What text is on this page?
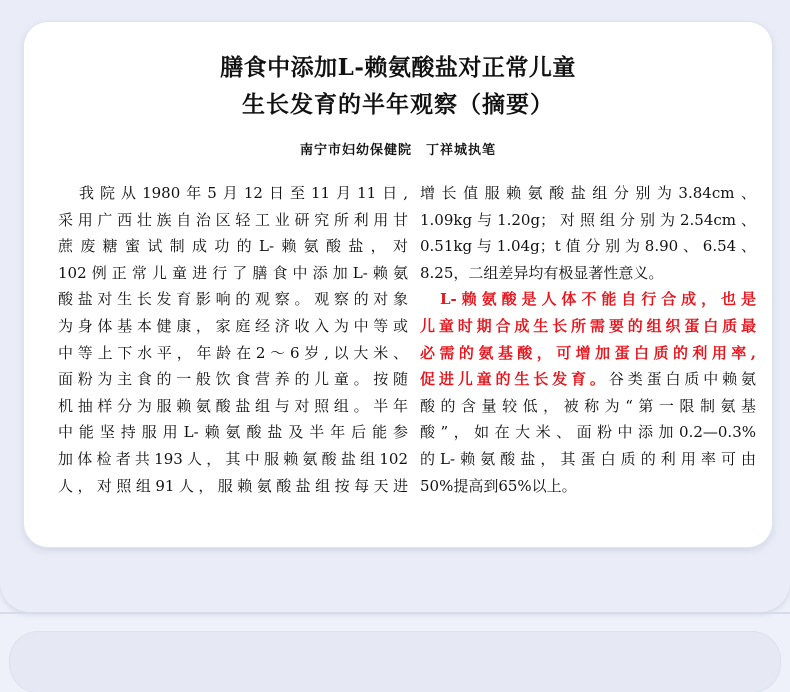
膳食中添加L-赖氨酸盐对正常儿童
生长发育的半年观察（摘要）
南宁市妇幼保健院　丁祥城执笔
　我院从1980年5月12日至11月11日,
采用广西壮族自治区轻工业研究所利用甘
蔗废糖蜜试制成功的L-赖氨酸盐，对
102例正常儿童进行了膳食中添加L-赖氨
酸盐对生长发育影响的观察。观察的对象
为身体基本健康，家庭经济收入为中等或
中等上下水平，年龄在2～6岁,以大米、
面粉为主食的一般饮食营养的儿童。按随
机抽样分为服赖氨酸盐组与对照组。半年
中能坚持服用L-赖氨酸盐及半年后能参
加体检者共193人，其中服赖氨酸盐组102
人，对照组91人，服赖氨酸盐组按每天进
增长值服赖氨酸盐组分别为3.84cm、
1.09kg与1.20g；对照组分别为2.54cm、
0.51kg与1.04g；t值分别为8.90、6.54、
8.25，二组差异均有极显著性意义。
　L-赖氨酸是人体不能自行合成，也是
儿童时期合成生长所需要的组织蛋白质最
必需的氨基酸，可增加蛋白质的利用率,
促进儿童的生长发育。谷类蛋白质中赖氨
酸的含量较低，被称为“第一限制氨基
酸”，如在大米、面粉中添加0.2—0.3%
的L-赖氨酸盐，其蛋白质的利用率可由
50%提高到65%以上。
